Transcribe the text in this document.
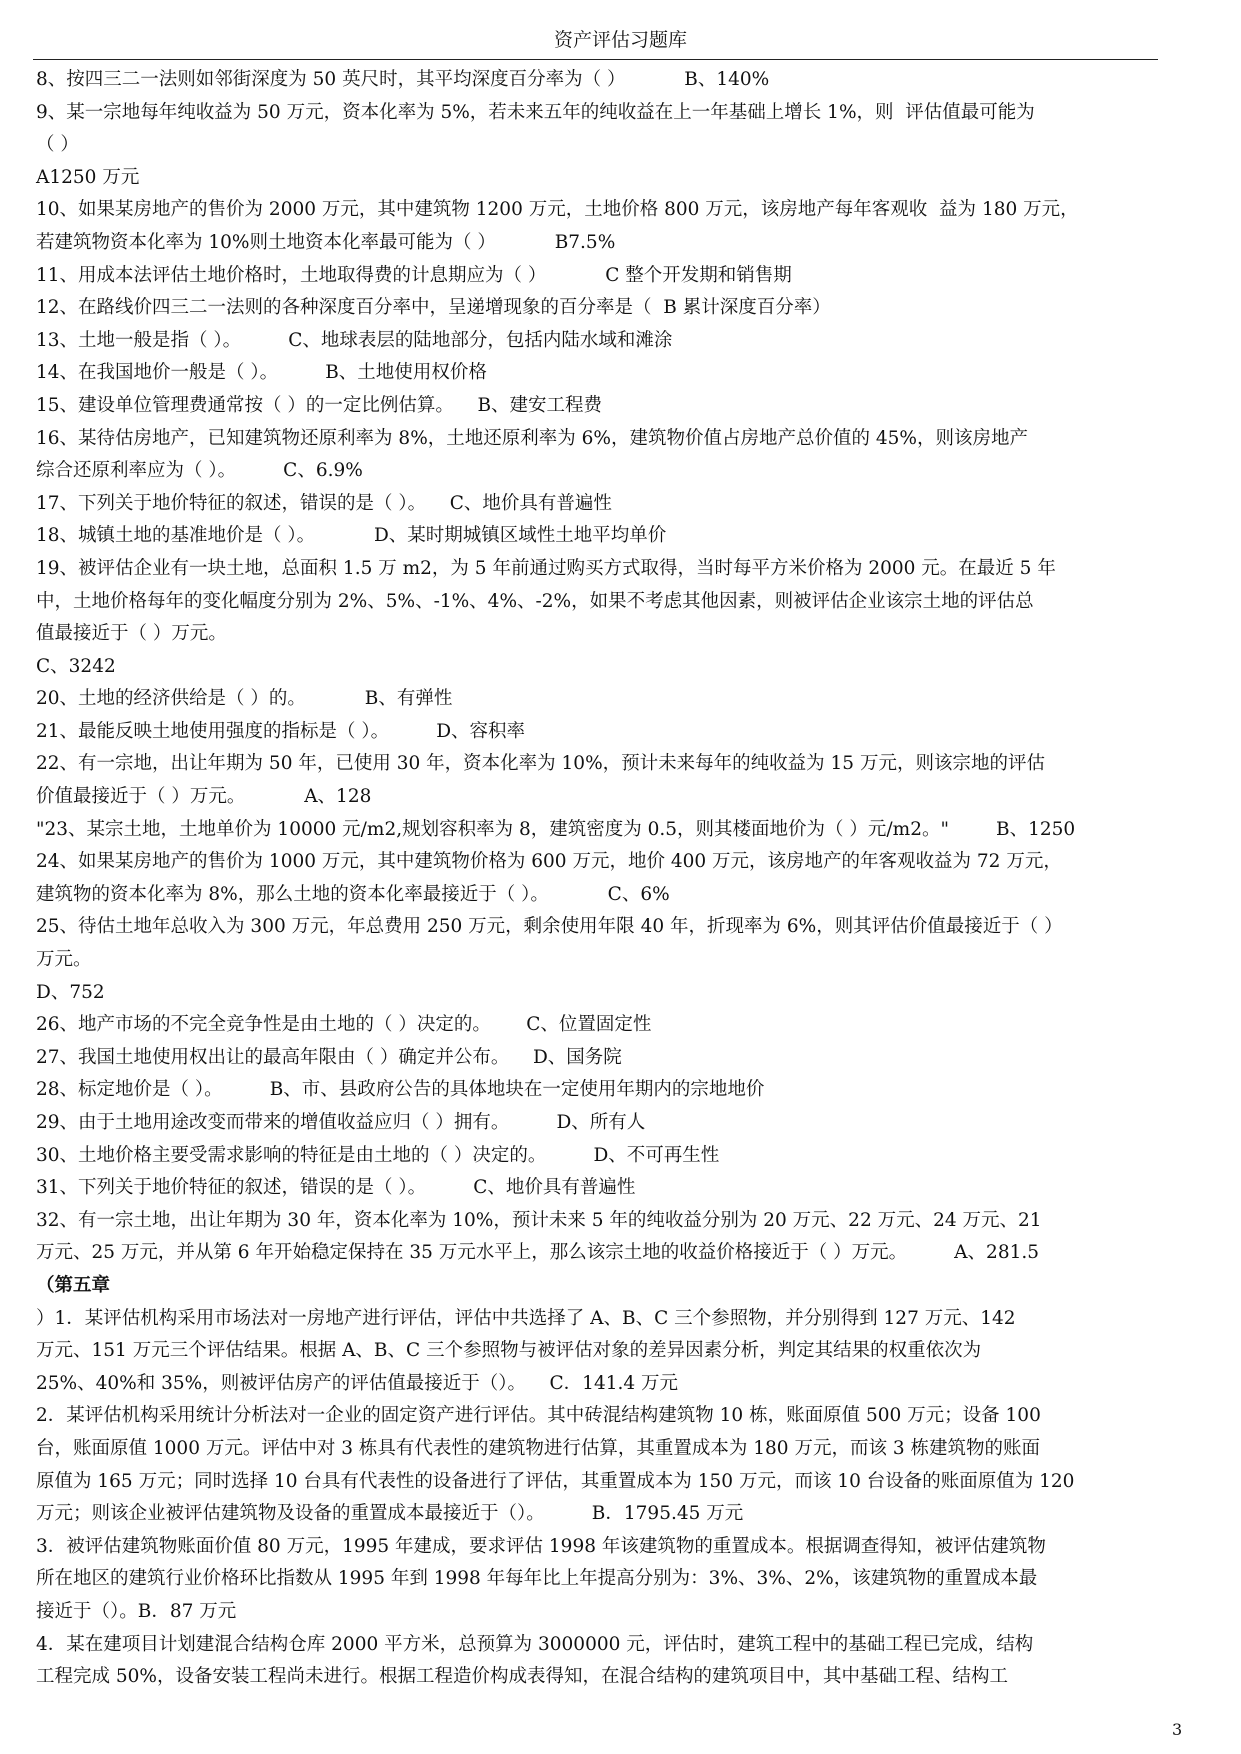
资产评估习题库
8、按四三二一法则如邻街深度为 50 英尺时，其平均深度百分率为（ ）          B、140%
9、某一宗地每年纯收益为 50 万元，资本化率为 5%，若未来五年的纯收益在上一年基础上增长 1%，则  评估值最可能为
（ ）
A1250 万元
10、如果某房地产的售价为 2000 万元，其中建筑物 1200 万元，土地价格 800 万元，该房地产每年客观收  益为 180 万元，
若建筑物资本化率为 10%则土地资本化率最可能为（ ）          B7.5%
11、用成本法评估土地价格时，土地取得费的计息期应为（ ）          C 整个开发期和销售期
12、在路线价四三二一法则的各种深度百分率中，呈递增现象的百分率是（  B 累计深度百分率）
13、土地一般是指（ ）。        C、地球表层的陆地部分，包括内陆水域和滩涂
14、在我国地价一般是（ ）。        B、土地使用权价格
15、建设单位管理费通常按（ ）的一定比例估算。    B、建安工程费
16、某待估房地产，已知建筑物还原利率为 8%，土地还原利率为 6%，建筑物价值占房地产总价值的 45%，则该房地产
综合还原利率应为（ ）。        C、6.9%
17、下列关于地价特征的叙述，错误的是（ ）。    C、地价具有普遍性
18、城镇土地的基准地价是（ ）。          D、某时期城镇区域性土地平均单价
19、被评估企业有一块土地，总面积 1.5 万 m2，为 5 年前通过购买方式取得，当时每平方米价格为 2000 元。在最近 5 年
中，土地价格每年的变化幅度分别为 2%、5%、-1%、4%、-2%，如果不考虑其他因素，则被评估企业该宗土地的评估总
值最接近于（ ）万元。
C、3242
20、土地的经济供给是（ ）的。          B、有弹性
21、最能反映土地使用强度的指标是（ ）。        D、容积率
22、有一宗地，出让年期为 50 年，已使用 30 年，资本化率为 10%，预计未来每年的纯收益为 15 万元，则该宗地的评估
价值最接近于（ ）万元。          A、128
"23、某宗土地，土地单价为 10000 元/m2,规划容积率为 8，建筑密度为 0.5，则其楼面地价为（ ）元/m2。"        B、1250
24、如果某房地产的售价为 1000 万元，其中建筑物价格为 600 万元，地价 400 万元，该房地产的年客观收益为 72 万元，
建筑物的资本化率为 8%，那么土地的资本化率最接近于（ ）。          C、6%
25、待估土地年总收入为 300 万元，年总费用 250 万元，剩余使用年限 40 年，折现率为 6%，则其评估价值最接近于（ ）
万元。
D、752
26、地产市场的不完全竞争性是由土地的（ ）决定的。      C、位置固定性
27、我国土地使用权出让的最高年限由（ ）确定并公布。    D、国务院
28、标定地价是（ ）。        B、市、县政府公告的具体地块在一定使用年期内的宗地地价
29、由于土地用途改变而带来的增值收益应归（ ）拥有。        D、所有人
30、土地价格主要受需求影响的特征是由土地的（ ）决定的。        D、不可再生性
31、下列关于地价特征的叙述，错误的是（ ）。        C、地价具有普遍性
32、有一宗土地，出让年期为 30 年，资本化率为 10%，预计未来 5 年的纯收益分别为 20 万元、22 万元、24 万元、21
万元、25 万元，并从第 6 年开始稳定保持在 35 万元水平上，那么该宗土地的收益价格接近于（ ）万元。        A、281.5
（第五章
）1．某评估机构采用市场法对一房地产进行评估，评估中共选择了 A、B、C 三个参照物，并分别得到 127 万元、142
万元、151 万元三个评估结果。根据 A、B、C 三个参照物与被评估对象的差异因素分析，判定其结果的权重依次为
25%、40%和 35%，则被评估房产的评估值最接近于（）。    C．141.4 万元
2．某评估机构采用统计分析法对一企业的固定资产进行评估。其中砖混结构建筑物 10 栋，账面原值 500 万元；设备 100
台，账面原值 1000 万元。评估中对 3 栋具有代表性的建筑物进行估算，其重置成本为 180 万元，而该 3 栋建筑物的账面
原值为 165 万元；同时选择 10 台具有代表性的设备进行了评估，其重置成本为 150 万元，而该 10 台设备的账面原值为 120
万元；则该企业被评估建筑物及设备的重置成本最接近于（）。        B．1795.45 万元
3．被评估建筑物账面价值 80 万元，1995 年建成，要求评估 1998 年该建筑物的重置成本。根据调查得知，被评估建筑物
所在地区的建筑行业价格环比指数从 1995 年到 1998 年每年比上年提高分别为：3%、3%、2%，该建筑物的重置成本最
接近于（）。B．87 万元
4．某在建项目计划建混合结构仓库 2000 平方米，总预算为 3000000 元，评估时，建筑工程中的基础工程已完成，结构
工程完成 50%，设备安装工程尚未进行。根据工程造价构成表得知，在混合结构的建筑项目中，其中基础工程、结构工
3
